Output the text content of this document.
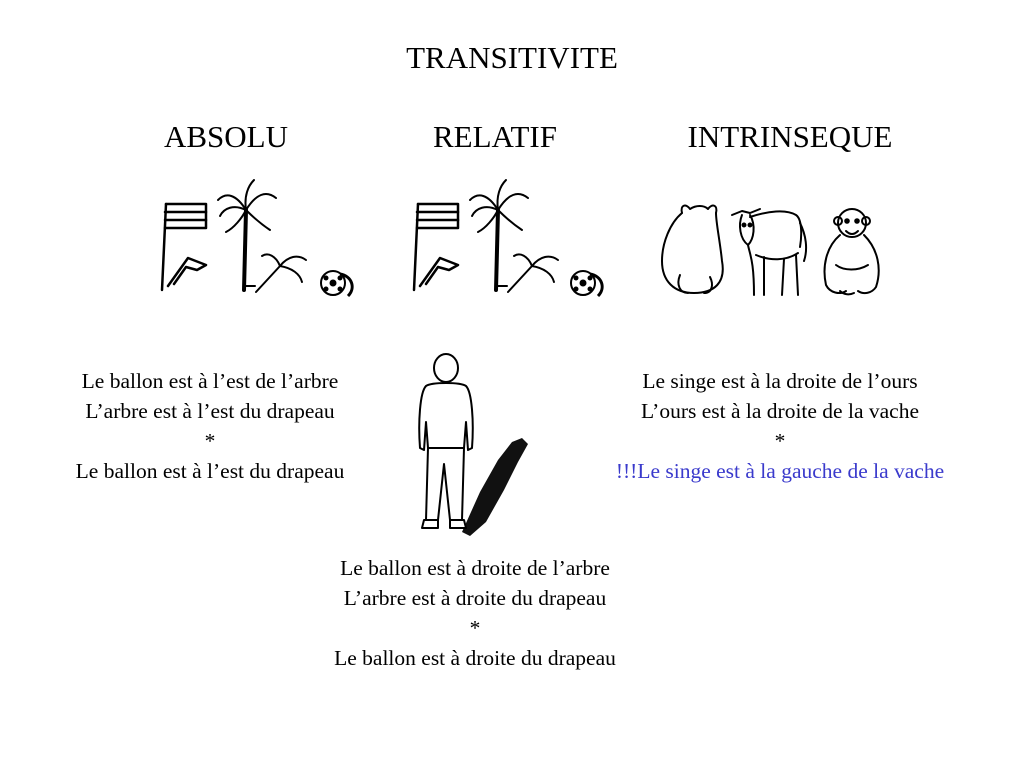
TRANSITIVITE
ABSOLU	RELATIF	INTRINSEQUE
Le ballon est à l’est de l’arbre
L’arbre est à l’est du drapeau
*
Le ballon est à l’est du drapeau
Le singe est à la droite de l’ours
L’ours est à la droite de la vache
*
!!!Le singe est à la gauche de la vache
Le ballon est à droite de l’arbre
L’arbre est à droite du drapeau
*
Le ballon est à droite du drapeau
